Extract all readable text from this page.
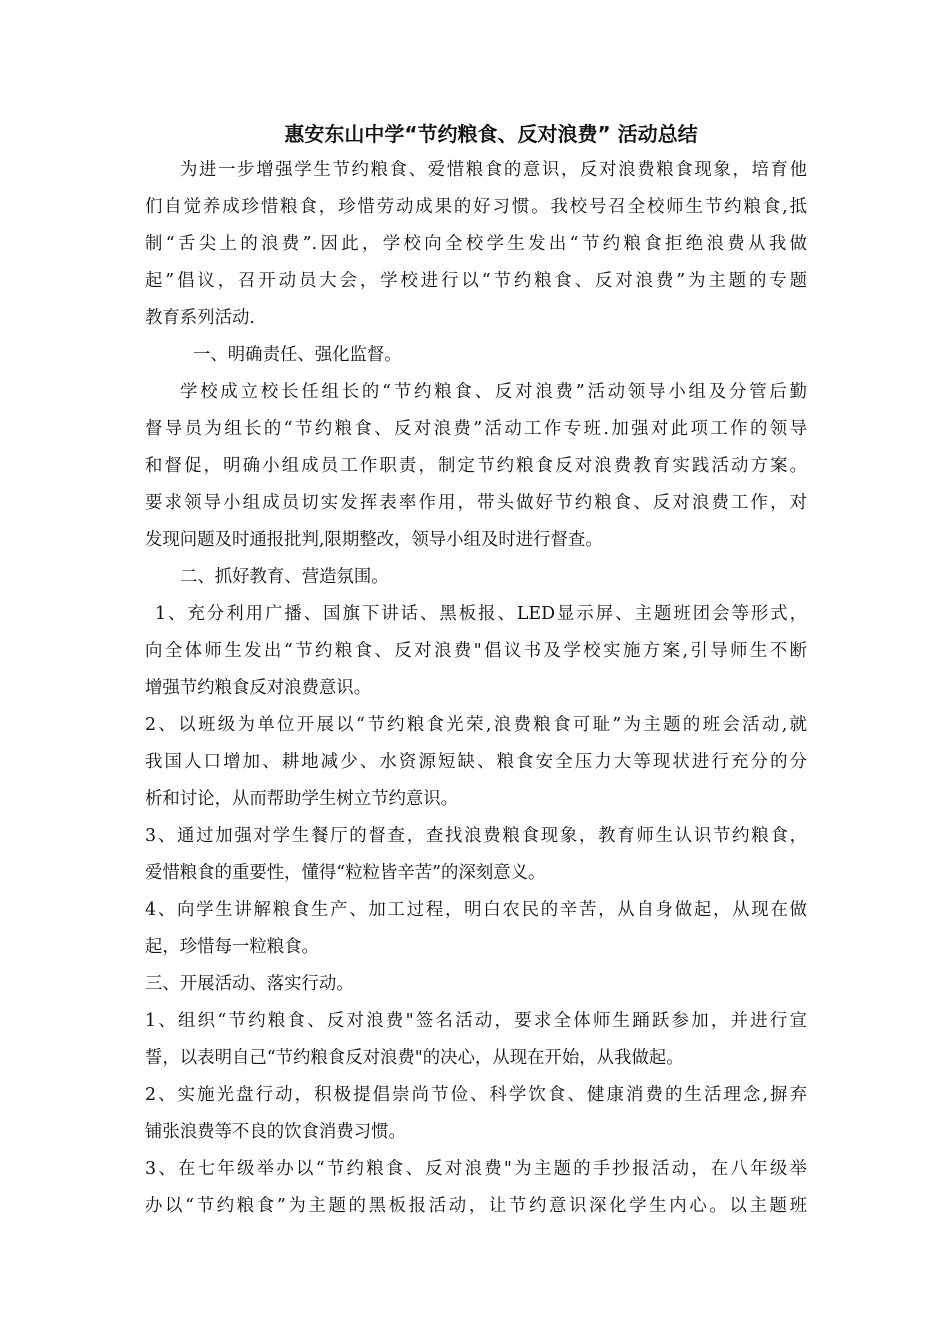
惠安东山中学“节约粮食、反对浪费” 活动总结
为进一步增强学生节约粮食、爱惜粮食的意识，反对浪费粮食现象，培育他
们自觉养成珍惜粮食，珍惜劳动成果的好习惯。我校号召全校师生节约粮食,抵
制“舌尖上的浪费”.因此，学校向全校学生发出“节约粮食拒绝浪费从我做
起”倡议，召开动员大会，学校进行以“节约粮食、反对浪费”为主题的专题
教育系列活动.
一、明确责任、强化监督。
学校成立校长任组长的“节约粮食、反对浪费”活动领导小组及分管后勤
督导员为组长的“节约粮食、反对浪费”活动工作专班.加强对此项工作的领导
和督促，明确小组成员工作职责，制定节约粮食反对浪费教育实践活动方案。
要求领导小组成员切实发挥表率作用，带头做好节约粮食、反对浪费工作，对
发现问题及时通报批判,限期整改，领导小组及时进行督查。
二、抓好教育、营造氛围。
1、充分利用广播、国旗下讲话、黑板报、LED显示屏、主题班团会等形式，
向全体师生发出“节约粮食、反对浪费"倡议书及学校实施方案,引导师生不断
增强节约粮食反对浪费意识。
2、以班级为单位开展以“节约粮食光荣,浪费粮食可耻”为主题的班会活动,就
我国人口增加、耕地减少、水资源短缺、粮食安全压力大等现状进行充分的分
析和讨论，从而帮助学生树立节约意识。
3、通过加强对学生餐厅的督查，查找浪费粮食现象，教育师生认识节约粮食，
爱惜粮食的重要性，懂得“粒粒皆辛苦”的深刻意义。
4、向学生讲解粮食生产、加工过程，明白农民的辛苦，从自身做起，从现在做
起，珍惜每一粒粮食。
三、开展活动、落实行动。
1、组织“节约粮食、反对浪费"签名活动，要求全体师生踊跃参加，并进行宣
誓，以表明自己“节约粮食反对浪费"的决心，从现在开始，从我做起。
2、实施光盘行动，积极提倡崇尚节俭、科学饮食、健康消费的生活理念,摒弃
铺张浪费等不良的饮食消费习惯。
3、在七年级举办以“节约粮食、反对浪费"为主题的手抄报活动，在八年级举
办以“节约粮食”为主题的黑板报活动，让节约意识深化学生内心。以主题班
